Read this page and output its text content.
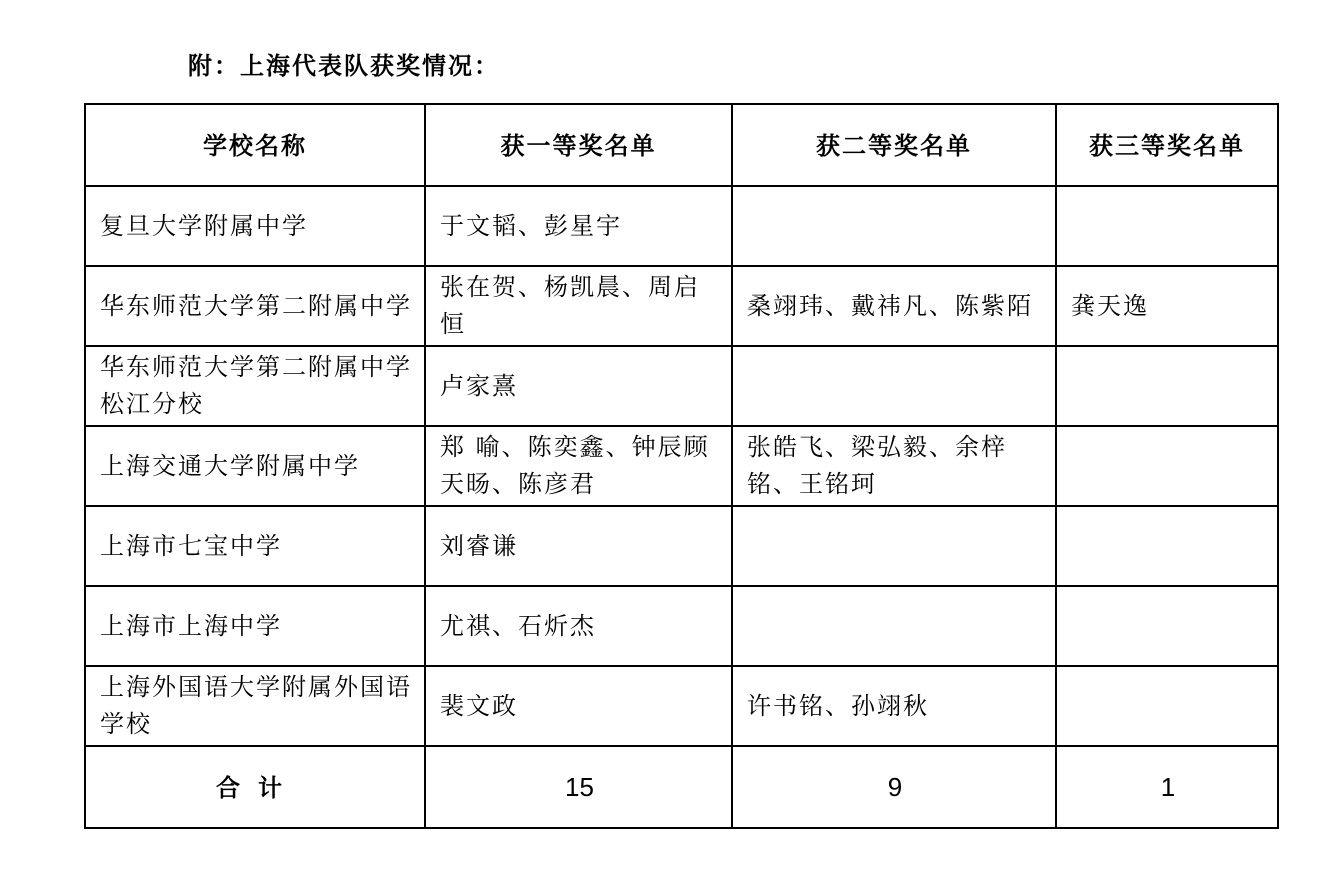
附：上海代表队获奖情况：
学校名称	获一等奖名单	获二等奖名单	获三等奖名单
复旦大学附属中学	于文韬、彭星宇		
华东师范大学第二附属中学	张在贺、杨凯晨、周启恒	桑翊玮、戴祎凡、陈紫陌	龚天逸
华东师范大学第二附属中学松江分校	卢家熹		
上海交通大学附属中学	郑 喻、陈奕鑫、钟辰顾天旸、陈彦君	张皓飞、梁弘毅、余梓铭、王铭珂	
上海市七宝中学	刘睿谦		
上海市上海中学	尤祺、石炘杰		
上海外国语大学附属外国语学校	裴文政	许书铭、孙翊秋	
合计	15	9	1
